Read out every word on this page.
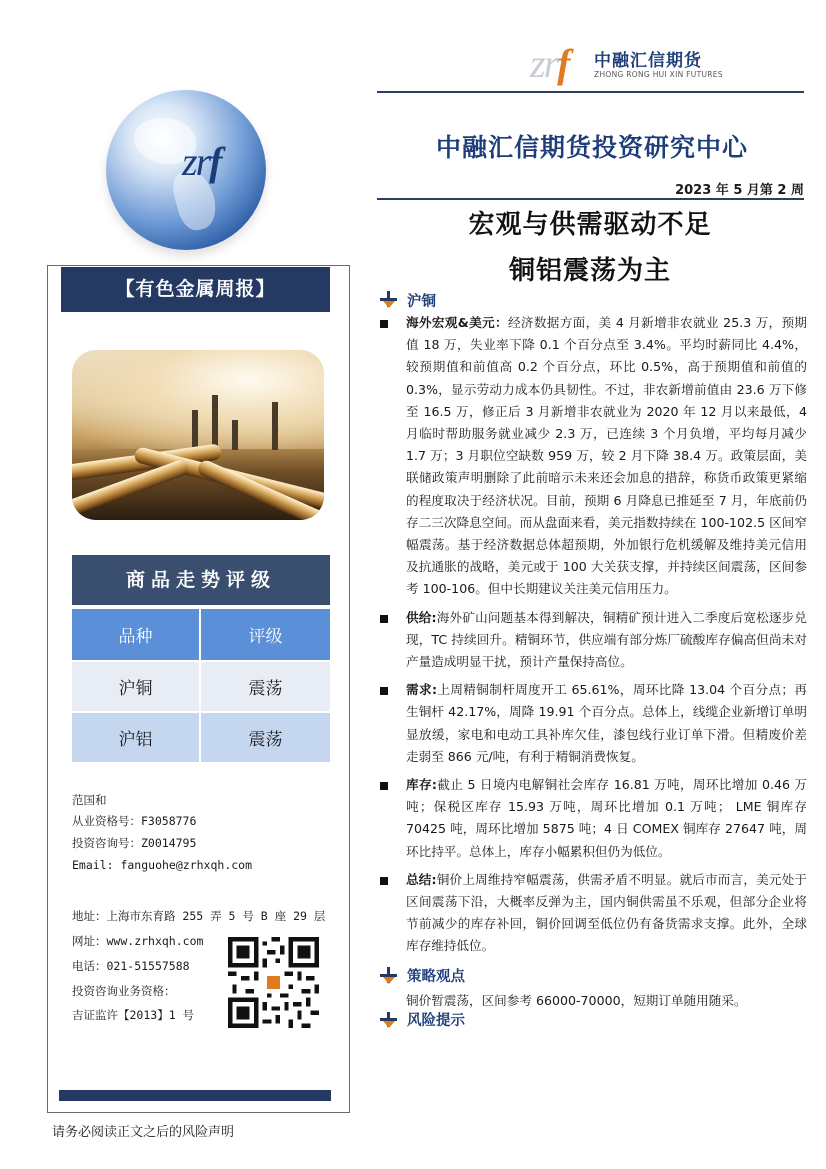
zrf 中融汇信期货
ZHONG RONG HUI XIN FUTURES
zrf	中融汇信期货投资研究中心
2023 年 5 月第 2 周
宏观与供需驱动不足
铜铝震荡为主
【有色金属周报】
商品走势评级
品种	评级
沪铜	震荡
沪铝	震荡
范国和
从业资格号：F3058776
投资咨询号：Z0014795
Email: fanguohe@zrhxqh.com
地址：上海市东育路 255 弄 5 号 B 座 29 层
网址：www.zrhxqh.com
电话：021-51557588
投资咨询业务资格：
吉证监许【2013】1 号
请务必阅读正文之后的风险声明
沪铜
海外宏观&美元：经济数据方面，美 4 月新增非农就业 25.3 万，预期值 18 万，失业率下降 0.1 个百分点至 3.4%。平均时薪同比 4.4%，较预期值和前值高 0.2 个百分点，环比 0.5%，高于预期值和前值的 0.3%，显示劳动力成本仍具韧性。不过，非农新增前值由 23.6 万下修至 16.5 万，修正后 3 月新增非农就业为 2020 年 12 月以来最低，4 月临时帮助服务就业减少 2.3 万，已连续 3 个月负增，平均每月减少 1.7 万；3 月职位空缺数 959 万，较 2 月下降 38.4 万。政策层面，美联储政策声明删除了此前暗示未来还会加息的措辞，称货币政策更紧缩的程度取决于经济状况。目前，预期 6 月降息已推延至 7 月，年底前仍存二三次降息空间。而从盘面来看，美元指数持续在 100-102.5 区间窄幅震荡。基于经济数据总体超预期，外加银行危机缓解及维持美元信用及抗通胀的战略，美元或于 100 大关获支撑，并持续区间震荡，区间参考 100-106。但中长期建议关注美元信用压力。
供给:海外矿山问题基本得到解决，铜精矿预计进入二季度后宽松逐步兑现，TC 持续回升。精铜环节，供应端有部分炼厂硫酸库存偏高但尚未对产量造成明显干扰，预计产量保持高位。
需求:上周精铜制杆周度开工 65.61%，周环比降 13.04 个百分点；再生铜杆 42.17%，周降 19.91 个百分点。总体上，线缆企业新增订单明显放缓，家电和电动工具补库欠佳，漆包线行业订单下滑。但精废价差走弱至 866 元/吨，有利于精铜消费恢复。
库存:截止 5 日境内电解铜社会库存 16.81 万吨，周环比增加 0.46 万吨；保税区库存 15.93 万吨，周环比增加 0.1 万吨； LME 铜库存 70425 吨，周环比增加 5875 吨；4 日 COMEX 铜库存 27647 吨，周环比持平。总体上，库存小幅累积但仍为低位。
总结:铜价上周维持窄幅震荡，供需矛盾不明显。就后市而言，美元处于区间震荡下沿，大概率反弹为主，国内铜供需虽不乐观，但部分企业将节前减少的库存补回，铜价回调至低位仍有备货需求支撑。此外，全球库存维持低位。
策略观点
铜价暂震荡，区间参考 66000-70000，短期订单随用随采。
风险提示
